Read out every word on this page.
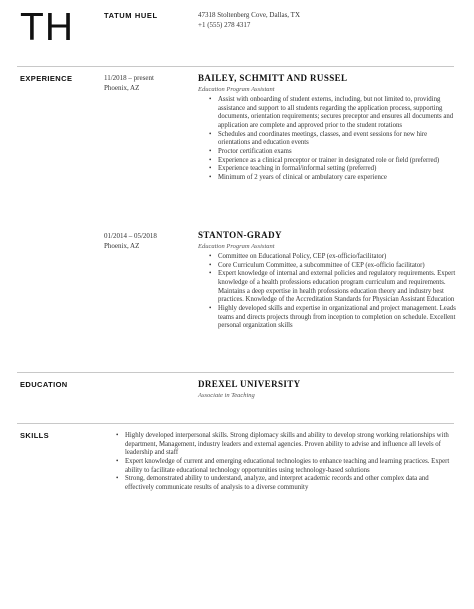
TH	TATUM HUEL	47318 Stoltenberg Cove, Dallas, TX
+1 (555) 278 4317
EXPERIENCE	11/2018 – present
Phoenix, AZ
BAILEY, SCHMITT AND RUSSEL
Education Program Assistant
• Assist with onboarding of student externs, including, but not limited to, providing assistance and support to all students regarding the application process, supporting documents, orientation requirements; secures preceptor and ensures all documents and application are complete and approved prior to the student rotations
• Schedules and coordinates meetings, classes, and event sessions for new hire orientations and education events
• Proctor certification exams
• Experience as a clinical preceptor or trainer in designated role or field (preferred)
• Experience teaching in formal/informal setting (preferred)
• Minimum of 2 years of clinical or ambulatory care experience
01/2014 – 05/2018
Phoenix, AZ
STANTON-GRADY
Education Program Assistant
• Committee on Educational Policy, CEP (ex-officio/facilitator)
• Core Curriculum Committee, a subcommittee of CEP (ex-officio facilitator)
• Expert knowledge of internal and external policies and regulatory requirements. Expert knowledge of a health professions education program curriculum and requirements. Maintains a deep expertise in health professions education theory and industry best practices. Knowledge of the Accreditation Standards for Physician Assistant Education
• Highly developed skills and expertise in organizational and project management. Leads teams and directs projects through from inception to completion on schedule. Excellent personal organization skills
EDUCATION	DREXEL UNIVERSITY
Associate in Teaching
SKILLS
•	Highly developed interpersonal skills. Strong diplomacy skills and ability to develop strong working relationships with department, Management, industry leaders and external agencies. Proven ability to advise and influence all levels of leadership and staff
• Expert knowledge of current and emerging educational technologies to enhance teaching and learning practices. Expert ability to facilitate educational technology opportunities using technology-based solutions
• Strong, demonstrated ability to understand, analyze, and interpret academic records and other complex data and effectively communicate results of analysis to a diverse community
